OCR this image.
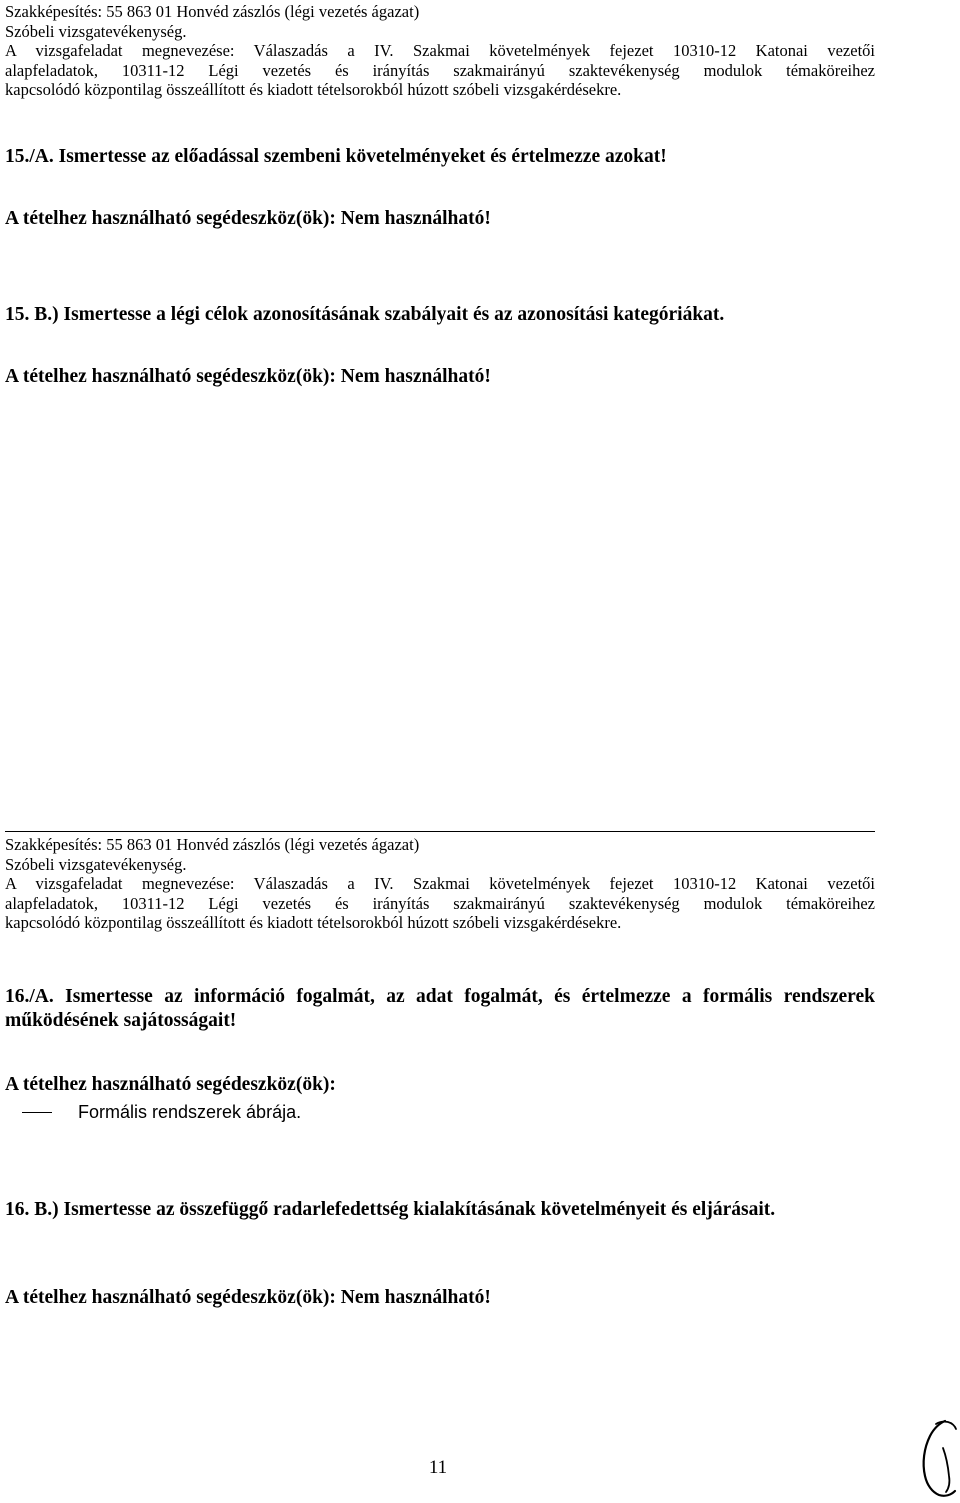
Szakképesítés: 55 863 01 Honvéd zászlós (légi vezetés ágazat)
Szóbeli vizsgatevékenység.
A vizsgafeladat megnevezése: Válaszadás a IV. Szakmai követelmények fejezet 10310-12 Katonai vezetői
alapfeladatok, 10311-12 Légi vezetés és irányítás szakmairányú szaktevékenység modulok témaköreihez
kapcsolódó központilag összeállított és kiadott tételsorokból húzott szóbeli vizsgakérdésekre.
15./A. Ismertesse az előadással szembeni követelményeket és értelmezze azokat!
A tételhez használható segédeszköz(ök): Nem használható!
15. B.) Ismertesse a légi célok azonosításának szabályait és az azonosítási kategóriákat.
A tételhez használható segédeszköz(ök): Nem használható!
Szakképesítés: 55 863 01 Honvéd zászlós (légi vezetés ágazat)
Szóbeli vizsgatevékenység.
A vizsgafeladat megnevezése: Válaszadás a IV. Szakmai követelmények fejezet 10310-12 Katonai vezetői
alapfeladatok, 10311-12 Légi vezetés és irányítás szakmairányú szaktevékenység modulok témaköreihez
kapcsolódó központilag összeállított és kiadott tételsorokból húzott szóbeli vizsgakérdésekre.
16./A. Ismertesse az információ fogalmát, az adat fogalmát, és értelmezze a formális rendszerek működésének sajátosságait!
A tételhez használható segédeszköz(ök):
Formális rendszerek ábrája.
16. B.) Ismertesse az összefüggő radarlefedettség kialakításának követelményeit és eljárásait.
A tételhez használható segédeszköz(ök): Nem használható!
11
